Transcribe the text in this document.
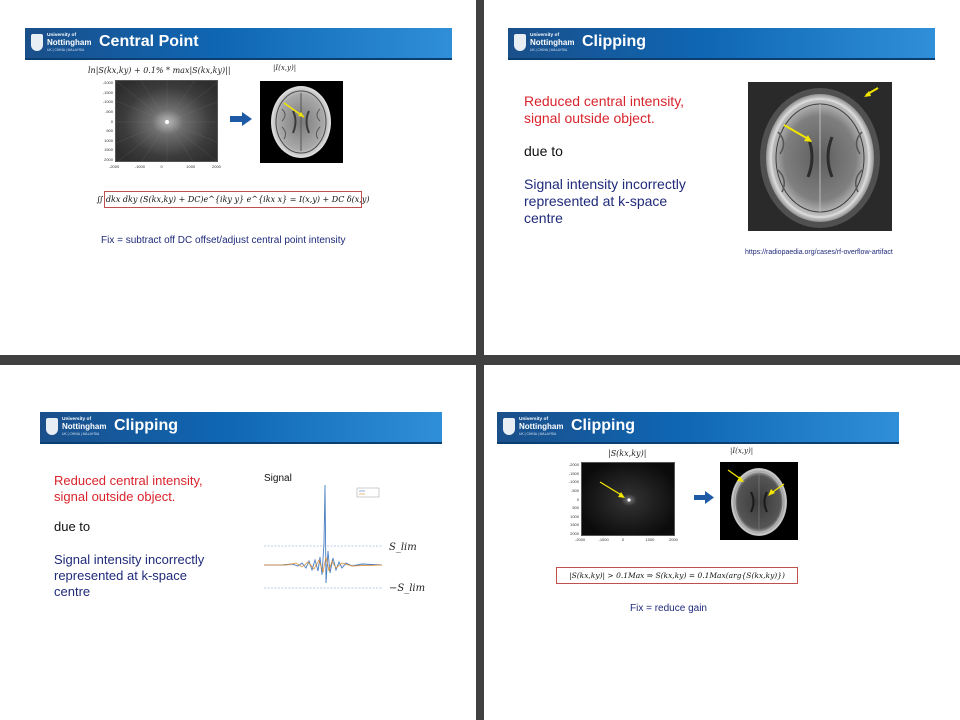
University of
Nottingham
UK | CHINA | MALAYSIA Central Point
ln|S(kx,ky) + 0.1% * max|S(kx,ky)||	|I(x,y)|
-2000
-1500
-1000
-500
0
500
1000
1500
2000
-2000	-1000	0	1000	2000
∬ dkx dky (S(kx,ky) + DC)e^{iky y} e^{ikx x} = I(x,y) + DC δ(x,y)
Fix = subtract off DC offset/adjust central point intensity
University of
Nottingham
UK | CHINA | MALAYSIA Clipping
Reduced central intensity,
signal outside object.
due to
Signal intensity incorrectly
represented at k-space
centre
https://radiopaedia.org/cases/rf-overflow-artifact
University of
Nottingham
UK | CHINA | MALAYSIA Clipping
Reduced central intensity,
signal outside object.
due to
Signal intensity incorrectly
represented at k-space
centre
Signal
S_lim
−S_lim
University of
Nottingham
UK | CHINA | MALAYSIA Clipping
|S(kx,ky)|	|I(x,y)|
-2000
-1500
-1000
-500
0
500
1000
1500
2000
-2000	-1000	0	1000	2000
|S(kx,ky)| > 0.1Max ⇒ S(kx,ky) = 0.1Max(arg{S(kx,ky)})
Fix = reduce gain
